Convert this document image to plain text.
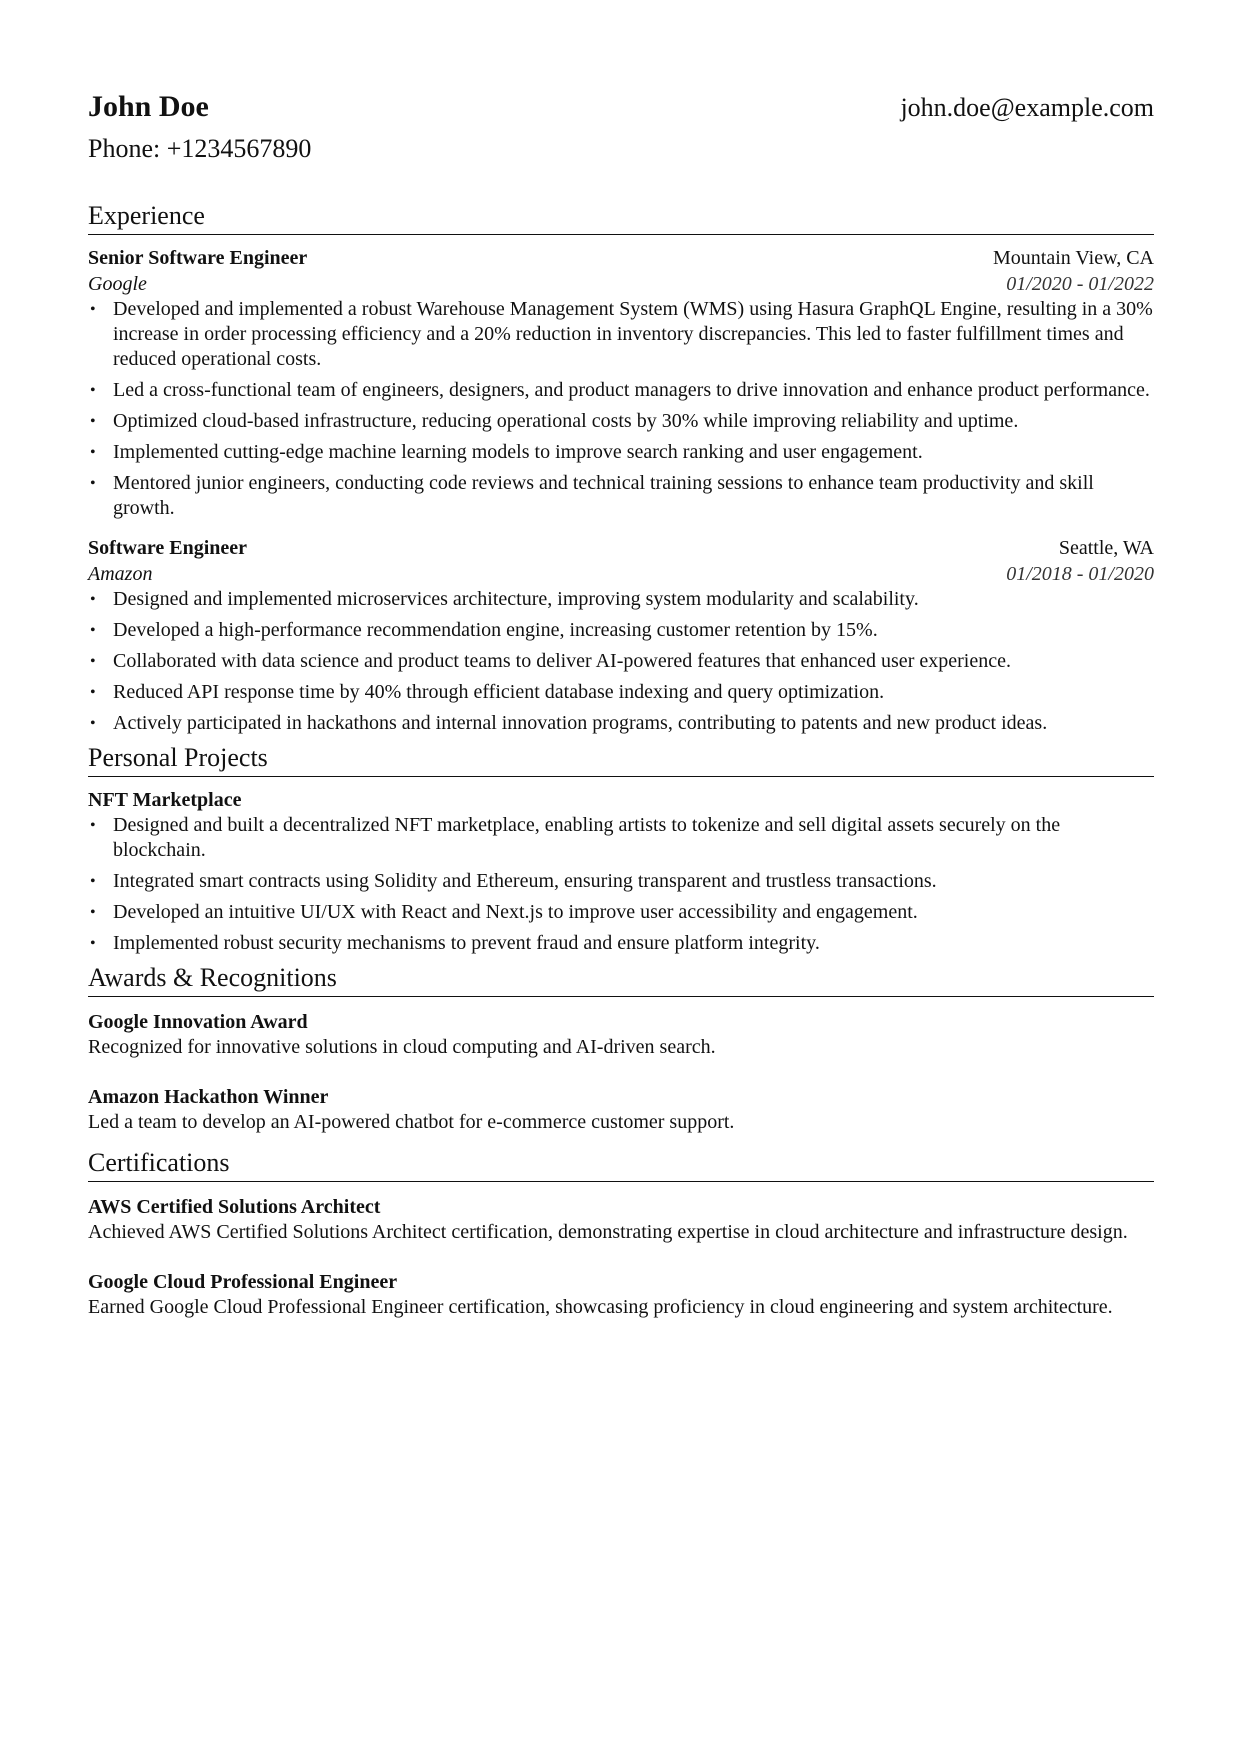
John Doe	john.doe@example.com
Phone: +1234567890
Experience
Senior Software Engineer	Mountain View, CA
Google	01/2020 - 01/2022
• Developed and implemented a robust Warehouse Management System (WMS) using Hasura GraphQL Engine, resulting in a 30% increase in order processing efficiency and a 20% reduction in inventory discrepancies. This led to faster fulfillment times and reduced operational costs.
• Led a cross-functional team of engineers, designers, and product managers to drive innovation and enhance product performance.
• Optimized cloud-based infrastructure, reducing operational costs by 30% while improving reliability and uptime.
• Implemented cutting-edge machine learning models to improve search ranking and user engagement.
• Mentored junior engineers, conducting code reviews and technical training sessions to enhance team productivity and skill growth.
Software Engineer	Seattle, WA
Amazon	01/2018 - 01/2020
• Designed and implemented microservices architecture, improving system modularity and scalability.
• Developed a high-performance recommendation engine, increasing customer retention by 15%.
• Collaborated with data science and product teams to deliver AI-powered features that enhanced user experience.
• Reduced API response time by 40% through efficient database indexing and query optimization.
• Actively participated in hackathons and internal innovation programs, contributing to patents and new product ideas.
Personal Projects
NFT Marketplace
• Designed and built a decentralized NFT marketplace, enabling artists to tokenize and sell digital assets securely on the blockchain.
• Integrated smart contracts using Solidity and Ethereum, ensuring transparent and trustless transactions.
• Developed an intuitive UI/UX with React and Next.js to improve user accessibility and engagement.
• Implemented robust security mechanisms to prevent fraud and ensure platform integrity.
Awards & Recognitions
Google Innovation Award
Recognized for innovative solutions in cloud computing and AI-driven search.
Amazon Hackathon Winner
Led a team to develop an AI-powered chatbot for e-commerce customer support.
Certifications
AWS Certified Solutions Architect
Achieved AWS Certified Solutions Architect certification, demonstrating expertise in cloud architecture and infrastructure design.
Google Cloud Professional Engineer
Earned Google Cloud Professional Engineer certification, showcasing proficiency in cloud engineering and system architecture.
